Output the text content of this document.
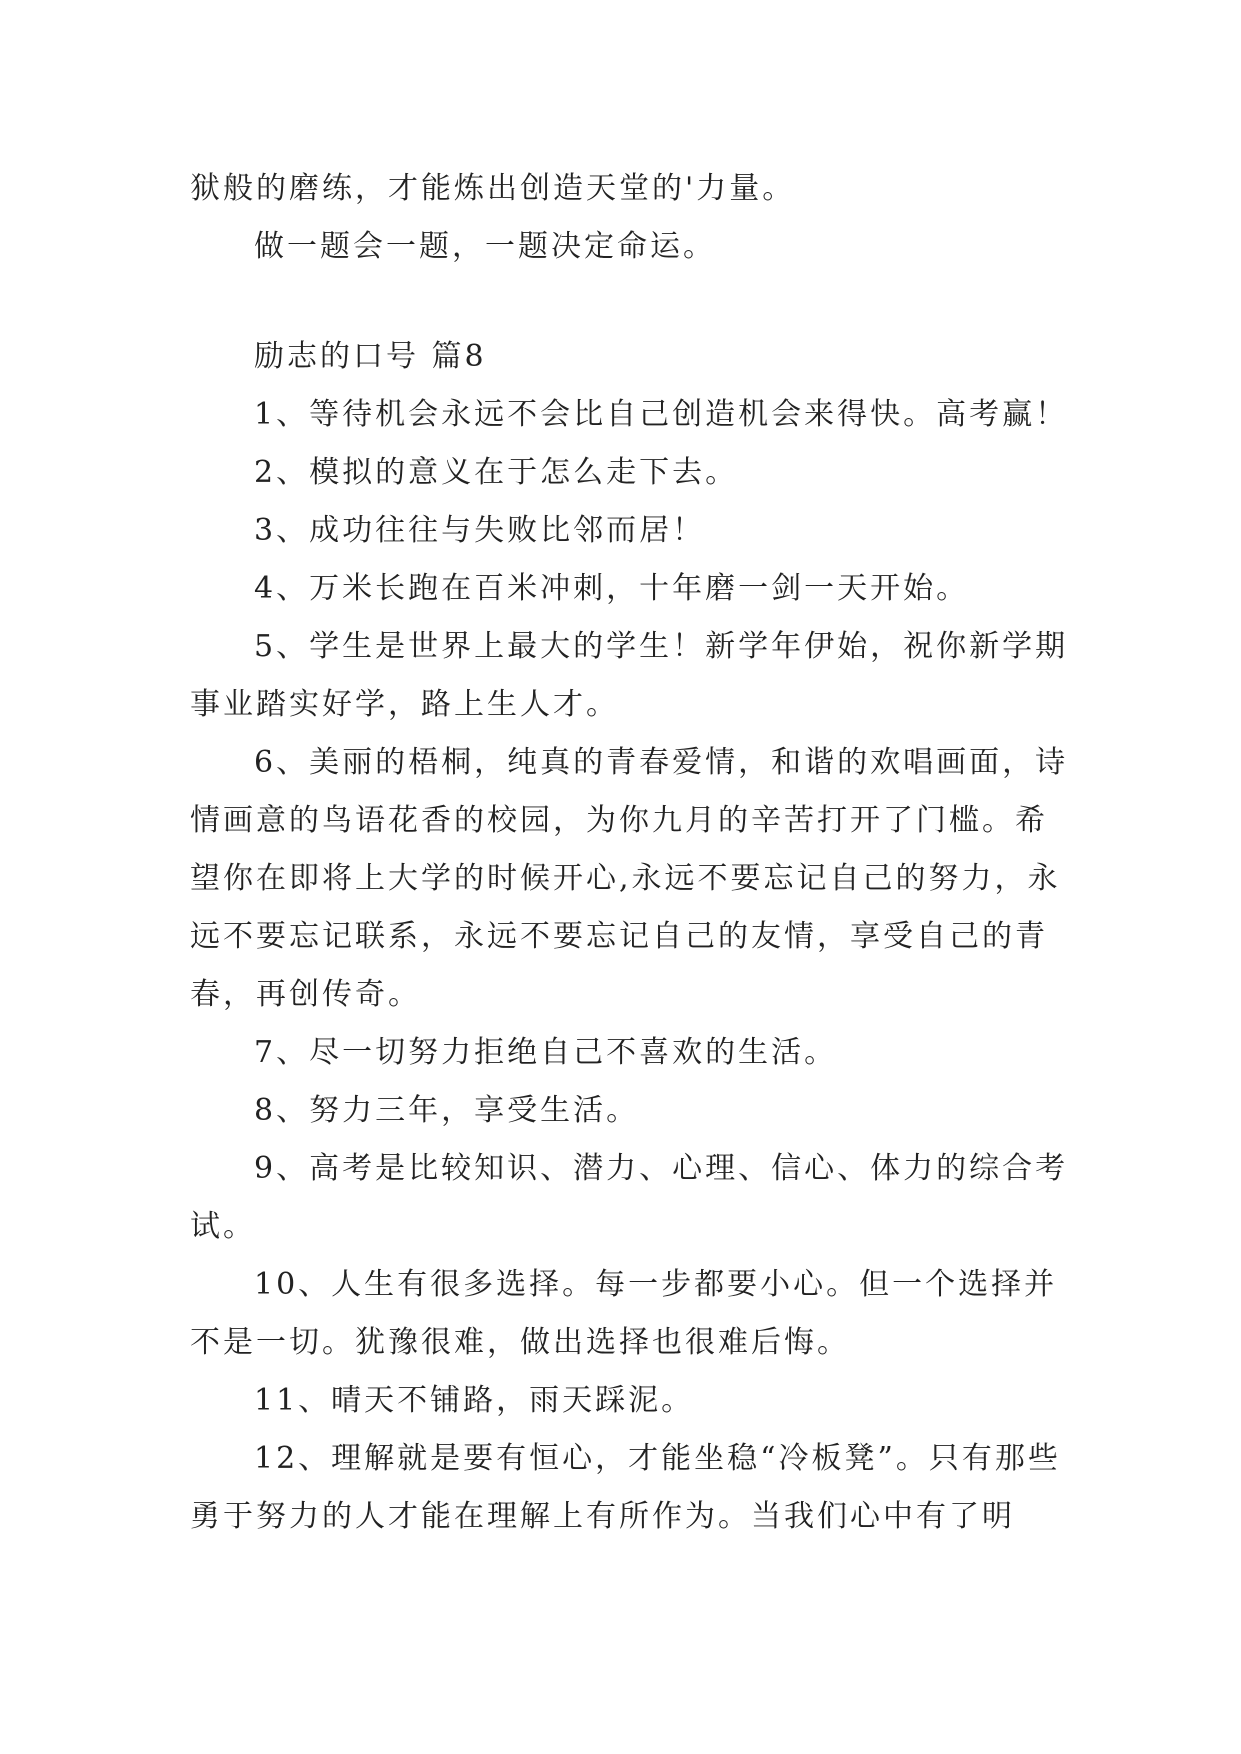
狱般的磨练，才能炼出创造天堂的'力量。

做一题会一题，一题决定命运。

励志的口号 篇8

1、等待机会永远不会比自己创造机会来得快。高考赢！

2、模拟的意义在于怎么走下去。

3、成功往往与失败比邻而居！

4、万米长跑在百米冲刺，十年磨一剑一天开始。

5、学生是世界上最大的学生！新学年伊始，祝你新学期事业踏实好学，路上生人才。

6、美丽的梧桐，纯真的青春爱情，和谐的欢唱画面，诗情画意的鸟语花香的校园，为你九月的辛苦打开了门槛。希望你在即将上大学的时候开心,永远不要忘记自己的努力，永远不要忘记联系，永远不要忘记自己的友情，享受自己的青春，再创传奇。

7、尽一切努力拒绝自己不喜欢的生活。

8、努力三年，享受生活。

9、高考是比较知识、潜力、心理、信心、体力的综合考试。

10、人生有很多选择。每一步都要小心。但一个选择并不是一切。犹豫很难，做出选择也很难后悔。

11、晴天不铺路，雨天踩泥。

12、理解就是要有恒心，才能坐稳“冷板凳”。只有那些勇于努力的人才能在理解上有所作为。当我们心中有了明
